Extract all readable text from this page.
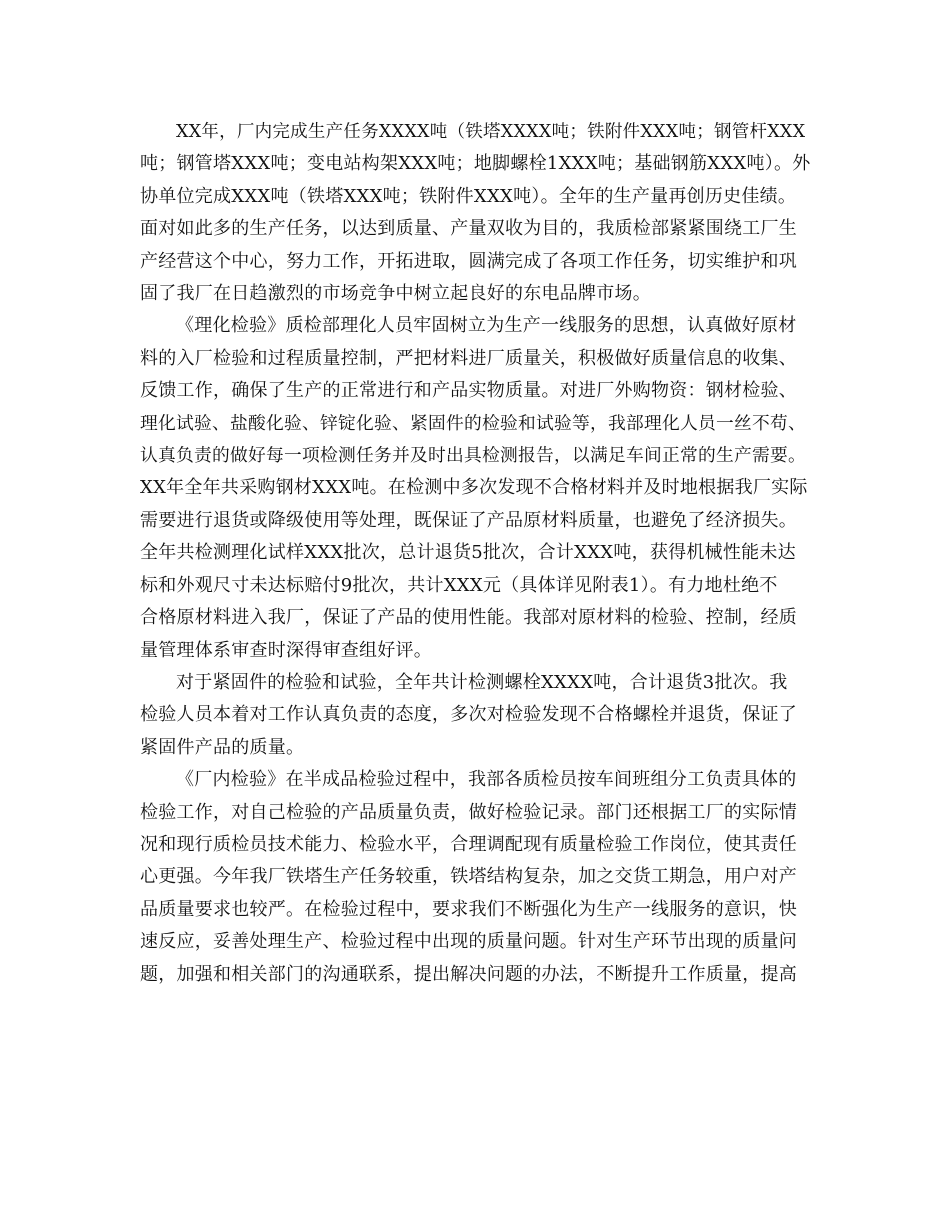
XX年，厂内完成生产任务XXXX吨（铁塔XXXX吨；铁附件XXX吨；钢管杆XXX
吨；钢管塔XXX吨；变电站构架XXX吨；地脚螺栓1XXX吨；基础钢筋XXX吨）。外
协单位完成XXX吨（铁塔XXX吨；铁附件XXX吨）。全年的生产量再创历史佳绩。
面对如此多的生产任务，以达到质量、产量双收为目的，我质检部紧紧围绕工厂生
产经营这个中心，努力工作，开拓进取，圆满完成了各项工作任务，切实维护和巩
固了我厂在日趋激烈的市场竞争中树立起良好的东电品牌市场。
《理化检验》质检部理化人员牢固树立为生产一线服务的思想，认真做好原材
料的入厂检验和过程质量控制，严把材料进厂质量关，积极做好质量信息的收集、
反馈工作，确保了生产的正常进行和产品实物质量。对进厂外购物资：钢材检验、
理化试验、盐酸化验、锌锭化验、紧固件的检验和试验等，我部理化人员一丝不苟、
认真负责的做好每一项检测任务并及时出具检测报告，以满足车间正常的生产需要。
XX年全年共采购钢材XXX吨。在检测中多次发现不合格材料并及时地根据我厂实际
需要进行退货或降级使用等处理，既保证了产品原材料质量，也避免了经济损失。
全年共检测理化试样XXX批次，总计退货5批次，合计XXX吨，获得机械性能未达
标和外观尺寸未达标赔付9批次，共计XXX元（具体详见附表1）。有力地杜绝不
合格原材料进入我厂，保证了产品的使用性能。我部对原材料的检验、控制，经质
量管理体系审查时深得审查组好评。
对于紧固件的检验和试验，全年共计检测螺栓XXXX吨，合计退货3批次。我
检验人员本着对工作认真负责的态度，多次对检验发现不合格螺栓并退货，保证了
紧固件产品的质量。
《厂内检验》在半成品检验过程中，我部各质检员按车间班组分工负责具体的
检验工作，对自己检验的产品质量负责，做好检验记录。部门还根据工厂的实际情
况和现行质检员技术能力、检验水平，合理调配现有质量检验工作岗位，使其责任
心更强。今年我厂铁塔生产任务较重，铁塔结构复杂，加之交货工期急，用户对产
品质量要求也较严。在检验过程中，要求我们不断强化为生产一线服务的意识，快
速反应，妥善处理生产、检验过程中出现的质量问题。针对生产环节出现的质量问
题，加强和相关部门的沟通联系，提出解决问题的办法，不断提升工作质量，提高
